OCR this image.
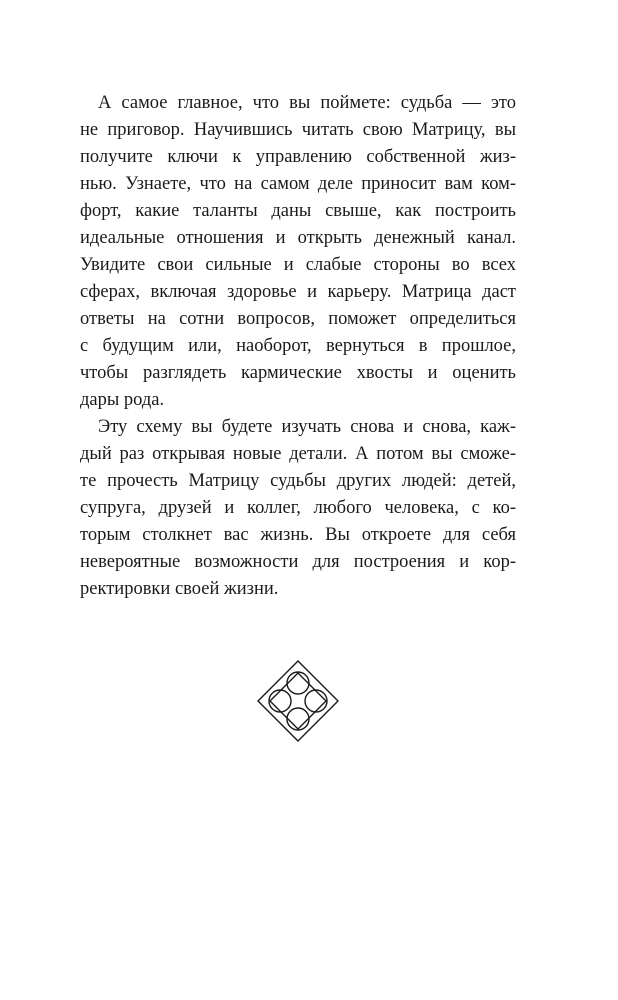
А самое главное, что вы поймете: судьба — это
не приговор. Научившись читать свою Матрицу, вы
получите ключи к управлению собственной жиз-
нью. Узнаете, что на самом деле приносит вам ком-
форт, какие таланты даны свыше, как построить
идеальные отношения и открыть денежный канал.
Увидите свои сильные и слабые стороны во всех
сферах, включая здоровье и карьеру. Матрица даст
ответы на сотни вопросов, поможет определиться
с будущим или, наоборот, вернуться в прошлое,
чтобы разглядеть кармические хвосты и оценить
дары рода.
Эту схему вы будете изучать снова и снова, каж-
дый раз открывая новые детали. А потом вы сможе-
те прочесть Матрицу судьбы других людей: детей,
супруга, друзей и коллег, любого человека, с ко-
торым столкнет вас жизнь. Вы откроете для себя
невероятные возможности для построения и кор-
ректировки своей жизни.
